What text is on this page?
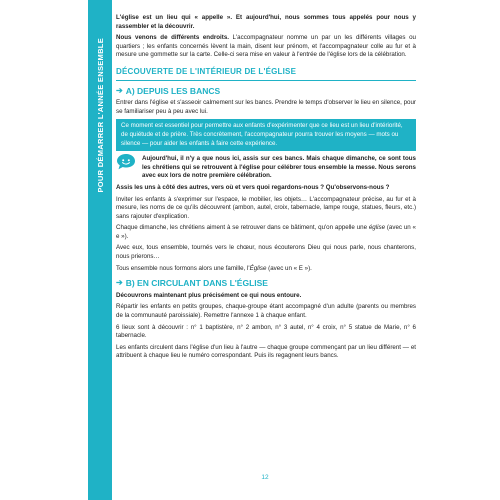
POUR DÉMARRER L'ANNÉE ENSEMBLE

L'église est un lieu qui « appelle ». Et aujourd'hui, nous sommes tous appelés pour nous y rassembler et la découvrir.

Nous venons de différents endroits. L'accompagnateur nomme un par un les différents villages ou quartiers ; les enfants concernés lèvent la main, disent leur prénom, et l'accompagnateur colle au fur et à mesure une gommette sur la carte. Celle-ci sera mise en valeur à l'entrée de l'église lors de la célébration.

DÉCOUVERTE DE L'INTÉRIEUR DE L'ÉGLISE
➔ A) DEPUIS LES BANCS

Entrer dans l'église et s'asseoir calmement sur les bancs. Prendre le temps d'observer le lieu en silence, pour se familiariser peu à peu avec lui.

Ce moment est essentiel pour permettre aux enfants d'expérimenter que ce lieu est un lieu d'intériorité, de quiétude et de prière. Très concrètement, l'accompagnateur pourra trouver les moyens — mots ou silence — pour aider les enfants à faire cette expérience.

Aujourd'hui, il n'y a que nous ici, assis sur ces bancs. Mais chaque dimanche, ce sont tous les chrétiens qui se retrouvent à l'église pour célébrer tous ensemble la messe. Nous serons avec eux lors de notre première célébration.

Assis les uns à côté des autres, vers où et vers quoi regardons-nous ? Qu'observons-nous ?

Inviter les enfants à s'exprimer sur l'espace, le mobilier, les objets… L'accompagnateur précise, au fur et à mesure, les noms de ce qu'ils découvrent (ambon, autel, croix, tabernacle, lampe rouge, statues, fleurs, etc.) sans rajouter d'explication.

Chaque dimanche, les chrétiens aiment à se retrouver dans ce bâtiment, qu'on appelle une église (avec un « e »).

Avec eux, tous ensemble, tournés vers le chœur, nous écouterons Dieu qui nous parle, nous chanterons, nous prierons…

Tous ensemble nous formons alors une famille, l'Église (avec un « E »).

➔ B) EN CIRCULANT DANS L'ÉGLISE

Découvrons maintenant plus précisément ce qui nous entoure.

Répartir les enfants en petits groupes, chaque-groupe étant accompagné d'un adulte (parents ou membres de la communauté paroissiale). Remettre l'annexe 1 à chaque enfant.

6 lieux sont à découvrir : n° 1 baptistère, n° 2 ambon, n° 3 autel, n° 4 croix, n° 5 statue de Marie, n° 6 tabernacle.

Les enfants circulent dans l'église d'un lieu à l'autre — chaque groupe commençant par un lieu différent — et attribuent à chaque lieu le numéro correspondant. Puis ils regagnent leurs bancs.

12
